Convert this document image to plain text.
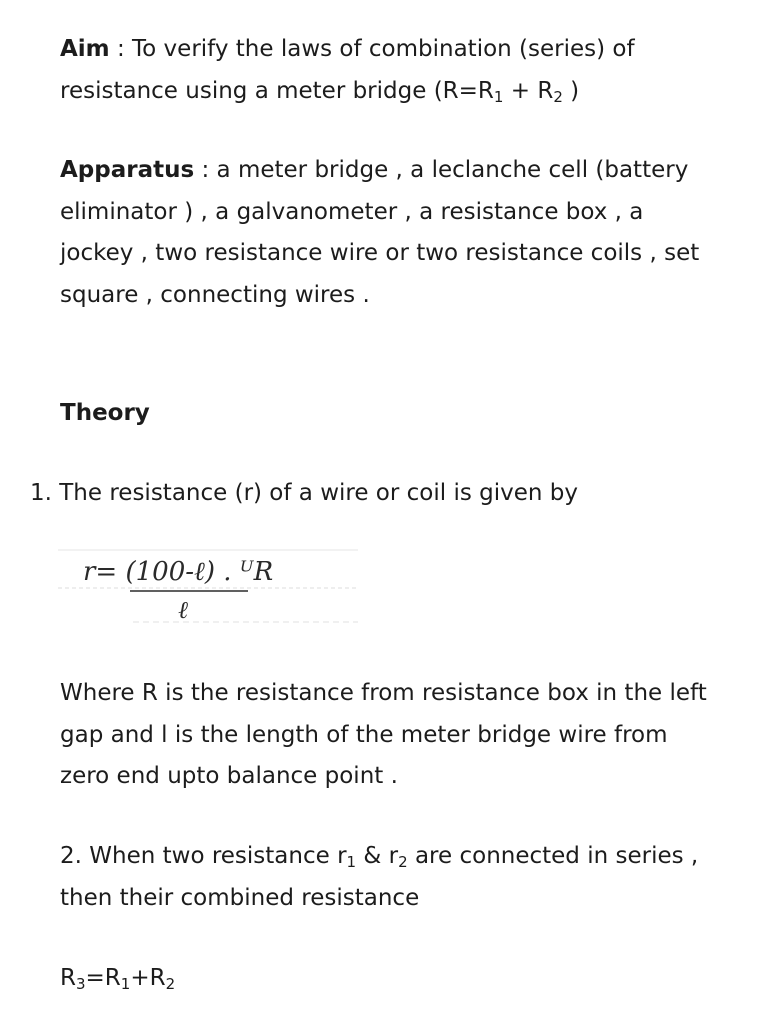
Aim : To verify the laws of combination (series) of resistance using a meter bridge ($R=R_1 + R_2$ )

Apparatus : a meter bridge , a leclanche cell (battery eliminator ) , a galvanometer , a resistance box , a jockey , two resistance wire or two resistance coils , set square , connecting wires .

Theory

1. The resistance (r) of a wire or coil is given by

r= (100-ℓ) . ᵁR
ℓ

Where R is the resistance from resistance box in the left gap and l is the length of the meter bridge wire from zero end upto balance point .

2. When two resistance $r_1$ & $r_2$ are connected in series , then their combined resistance

$R_3=R_1+R_2$
